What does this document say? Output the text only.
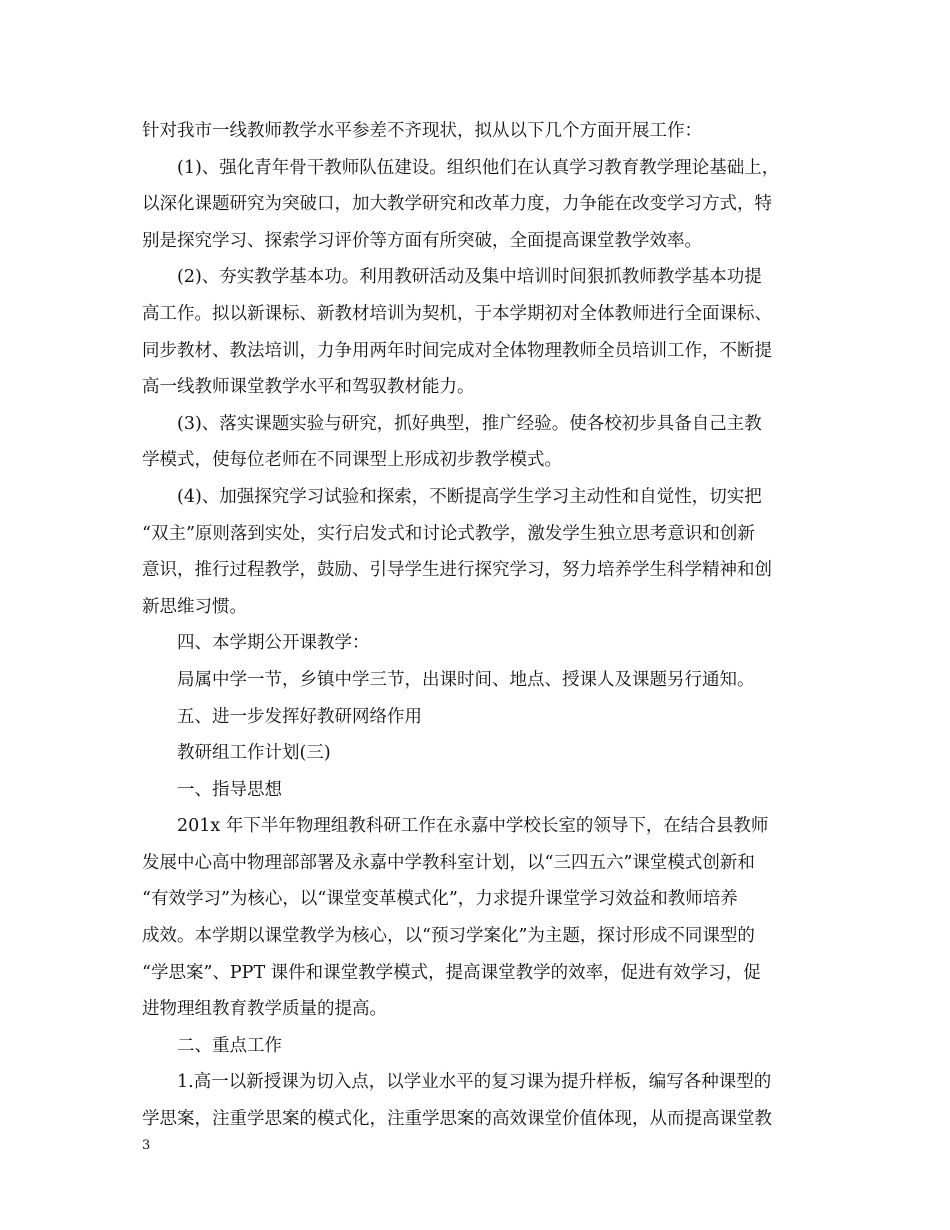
针对我市一线教师教学水平参差不齐现状，拟从以下几个方面开展工作：
(1)、强化青年骨干教师队伍建设。组织他们在认真学习教育教学理论基础上，
以深化课题研究为突破口，加大教学研究和改革力度，力争能在改变学习方式，特
别是探究学习、探索学习评价等方面有所突破，全面提高课堂教学效率。
(2)、夯实教学基本功。利用教研活动及集中培训时间狠抓教师教学基本功提
高工作。拟以新课标、新教材培训为契机，于本学期初对全体教师进行全面课标、
同步教材、教法培训，力争用两年时间完成对全体物理教师全员培训工作，不断提
高一线教师课堂教学水平和驾驭教材能力。
(3)、落实课题实验与研究，抓好典型，推广经验。使各校初步具备自己主教
学模式，使每位老师在不同课型上形成初步教学模式。
(4)、加强探究学习试验和探索，不断提高学生学习主动性和自觉性，切实把
“双主”原则落到实处，实行启发式和讨论式教学，激发学生独立思考意识和创新
意识，推行过程教学，鼓励、引导学生进行探究学习，努力培养学生科学精神和创
新思维习惯。
四、本学期公开课教学：
局属中学一节，乡镇中学三节，出课时间、地点、授课人及课题另行通知。
五、进一步发挥好教研网络作用
教研组工作计划(三)
一、指导思想
201x 年下半年物理组教科研工作在永嘉中学校长室的领导下，在结合县教师
发展中心高中物理部部署及永嘉中学教科室计划，以“三四五六”课堂模式创新和
“有效学习”为核心，以“课堂变革模式化”，力求提升课堂学习效益和教师培养
成效。本学期以课堂教学为核心，以“预习学案化”为主题，探讨形成不同课型的
“学思案”、PPT 课件和课堂教学模式，提高课堂教学的效率，促进有效学习，促
进物理组教育教学质量的提高。
二、重点工作
1.高一以新授课为切入点，以学业水平的复习课为提升样板，编写各种课型的
学思案，注重学思案的模式化，注重学思案的高效课堂价值体现，从而提高课堂教
3
